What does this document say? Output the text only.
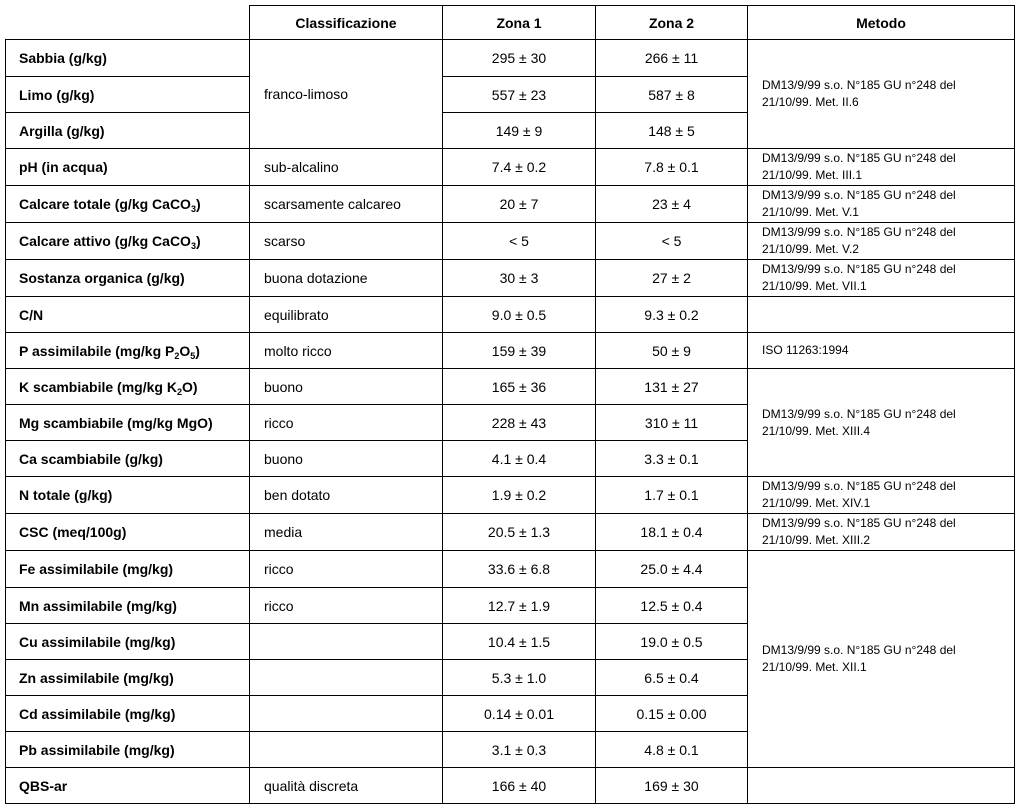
	Classificazione	Zona 1	Zona 2	Metodo
Sabbia (g/kg)	franco-limoso	295 ± 30	266 ± 11	DM13/9/99 s.o. N°185 GU n°248 del
21/10/99. Met. II.6
Limo (g/kg)		557 ± 23	587 ± 8	
Argilla (g/kg)		149 ± 9	148 ± 5	
pH (in acqua)	sub-alcalino	7.4 ± 0.2	7.8 ± 0.1	DM13/9/99 s.o. N°185 GU n°248 del
21/10/99. Met. III.1
Calcare totale (g/kg CaCO$_3$)	scarsamente calcareo	20 ± 7	23 ± 4	DM13/9/99 s.o. N°185 GU n°248 del
21/10/99. Met. V.1
Calcare attivo (g/kg CaCO$_3$)	scarso	< 5	< 5	DM13/9/99 s.o. N°185 GU n°248 del
21/10/99. Met. V.2
Sostanza organica (g/kg)	buona dotazione	30 ± 3	27 ± 2	DM13/9/99 s.o. N°185 GU n°248 del
21/10/99. Met. VII.1
C/N	equilibrato	9.0 ± 0.5	9.3 ± 0.2	
P assimilabile (mg/kg $P_2O_5$)	molto ricco	159 ± 39	50 ± 9	ISO 11263:1994
K scambiabile (mg/kg $K_2O$)	buono	165 ± 36	131 ± 27	DM13/9/99 s.o. N°185 GU n°248 del
21/10/99. Met. XIII.4
Mg scambiabile (mg/kg MgO)	ricco	228 ± 43	310 ± 11	
Ca scambiabile (g/kg)	buono	4.1 ± 0.4	3.3 ± 0.1	
N totale (g/kg)	ben dotato	1.9 ± 0.2	1.7 ± 0.1	DM13/9/99 s.o. N°185 GU n°248 del
21/10/99. Met. XIV.1
CSC (meq/100g)	media	20.5 ± 1.3	18.1 ± 0.4	DM13/9/99 s.o. N°185 GU n°248 del
21/10/99. Met. XIII.2
Fe assimilabile (mg/kg)	ricco	33.6 ± 6.8	25.0 ± 4.4	DM13/9/99 s.o. N°185 GU n°248 del
21/10/99. Met. XII.1
Mn assimilabile (mg/kg)	ricco	12.7 ± 1.9	12.5 ± 0.4	
Cu assimilabile (mg/kg)		10.4 ± 1.5	19.0 ± 0.5	
Zn assimilabile (mg/kg)		5.3 ± 1.0	6.5 ± 0.4	
Cd assimilabile (mg/kg)		0.14 ± 0.01	0.15 ± 0.00	
Pb assimilabile (mg/kg)		3.1 ± 0.3	4.8 ± 0.1	
QBS-ar	qualità discreta	166 ± 40	169 ± 30	
